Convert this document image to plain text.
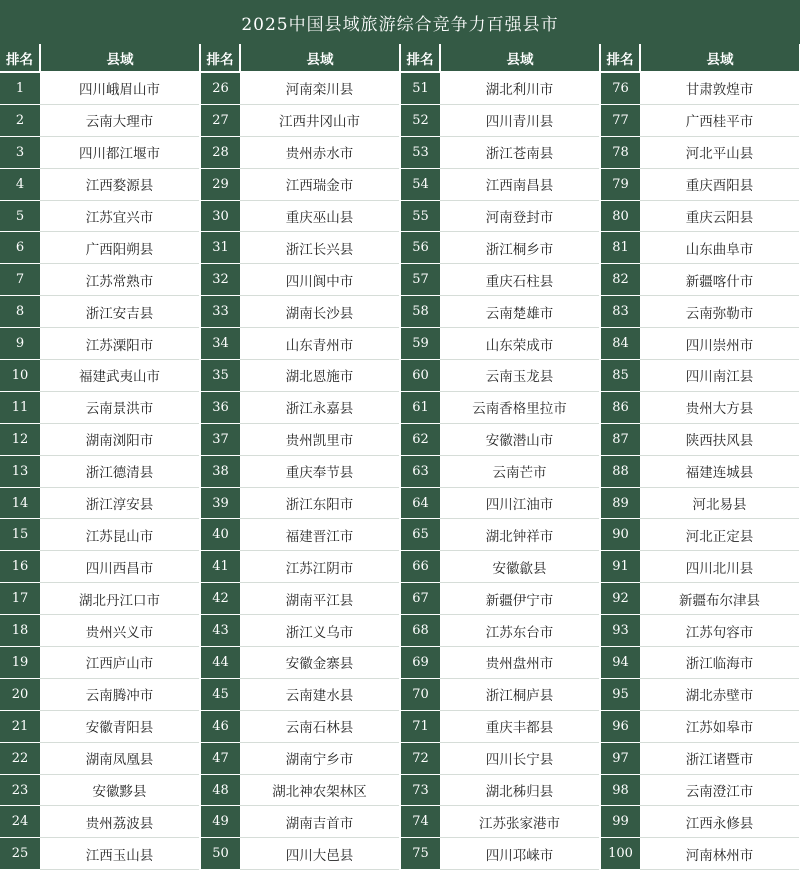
2025中国县域旅游综合竞争力百强县市
排名	县域	排名	县域	排名	县域	排名	县域
1	四川峨眉山市	26	河南栾川县	51	湖北利川市	76	甘肃敦煌市
2	云南大理市	27	江西井冈山市	52	四川青川县	77	广西桂平市
3	四川都江堰市	28	贵州赤水市	53	浙江苍南县	78	河北平山县
4	江西婺源县	29	江西瑞金市	54	江西南昌县	79	重庆酉阳县
5	江苏宜兴市	30	重庆巫山县	55	河南登封市	80	重庆云阳县
6	广西阳朔县	31	浙江长兴县	56	浙江桐乡市	81	山东曲阜市
7	江苏常熟市	32	四川阆中市	57	重庆石柱县	82	新疆喀什市
8	浙江安吉县	33	湖南长沙县	58	云南楚雄市	83	云南弥勒市
9	江苏溧阳市	34	山东青州市	59	山东荣成市	84	四川崇州市
10	福建武夷山市	35	湖北恩施市	60	云南玉龙县	85	四川南江县
11	云南景洪市	36	浙江永嘉县	61	云南香格里拉市	86	贵州大方县
12	湖南浏阳市	37	贵州凯里市	62	安徽潜山市	87	陕西扶风县
13	浙江德清县	38	重庆奉节县	63	云南芒市	88	福建连城县
14	浙江淳安县	39	浙江东阳市	64	四川江油市	89	河北易县
15	江苏昆山市	40	福建晋江市	65	湖北钟祥市	90	河北正定县
16	四川西昌市	41	江苏江阴市	66	安徽歙县	91	四川北川县
17	湖北丹江口市	42	湖南平江县	67	新疆伊宁市	92	新疆布尔津县
18	贵州兴义市	43	浙江义乌市	68	江苏东台市	93	江苏句容市
19	江西庐山市	44	安徽金寨县	69	贵州盘州市	94	浙江临海市
20	云南腾冲市	45	云南建水县	70	浙江桐庐县	95	湖北赤壁市
21	安徽青阳县	46	云南石林县	71	重庆丰都县	96	江苏如皋市
22	湖南凤凰县	47	湖南宁乡市	72	四川长宁县	97	浙江诸暨市
23	安徽黟县	48	湖北神农架林区	73	湖北秭归县	98	云南澄江市
24	贵州荔波县	49	湖南吉首市	74	江苏张家港市	99	江西永修县
25	江西玉山县	50	四川大邑县	75	四川邛崃市	100	河南林州市
